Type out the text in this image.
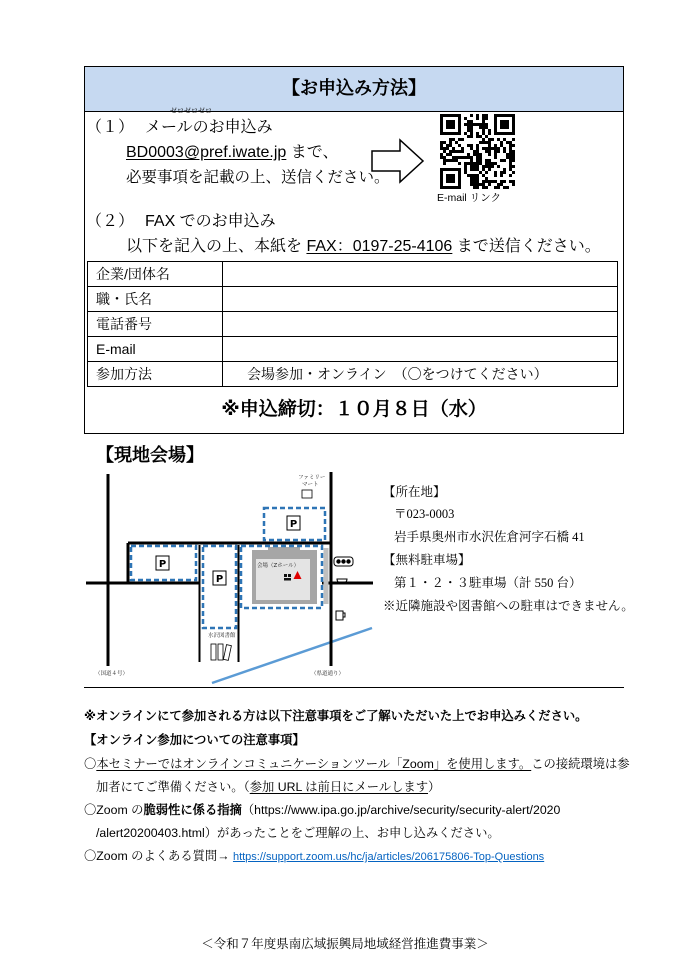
【お申込み方法】
（１） メールのお申込み
ゼロゼロゼロ
BD0003@pref.iwate.jp まで、
必要事項を記載の上、送信ください。
E-mail リンク
（２） FAX でのお申込み
以下を記入の上、本紙を FAX：0197-25-4106 まで送信ください。
企業/団体名	
職・氏名	
電話番号	
E-mail	
参加方法	会場参加・オンライン　（〇をつけてください）
※申込締切：１０月８日（水）
【現地会場】
会場（Zホール）
P
P
P
ファミリー
マート
水沢図書館
（国道４号）	（県道通り）
【所在地】
〒023-0003
岩手県奥州市水沢佐倉河字石橋 41
【無料駐車場】
第１・２・３駐車場（計 550 台）
※近隣施設や図書館への駐車はできません。
※オンラインにて参加される方は以下注意事項をご了解いただいた上でお申込みください。
【オンライン参加についての注意事項】
〇本セミナーではオンラインコミュニケーションツール「Zoom」を使用します。この接続環境は参
加者にてご準備ください。（参加 URL は前日にメールします）
〇Zoom の脆弱性に係る指摘（https://www.ipa.go.jp/archive/security/security-alert/2020
/alert20200403.html）があったことをご理解の上、お申し込みください。
〇Zoom のよくある質問→ https://support.zoom.us/hc/ja/articles/206175806-Top-Questions
＜令和７年度県南広域振興局地域経営推進費事業＞
